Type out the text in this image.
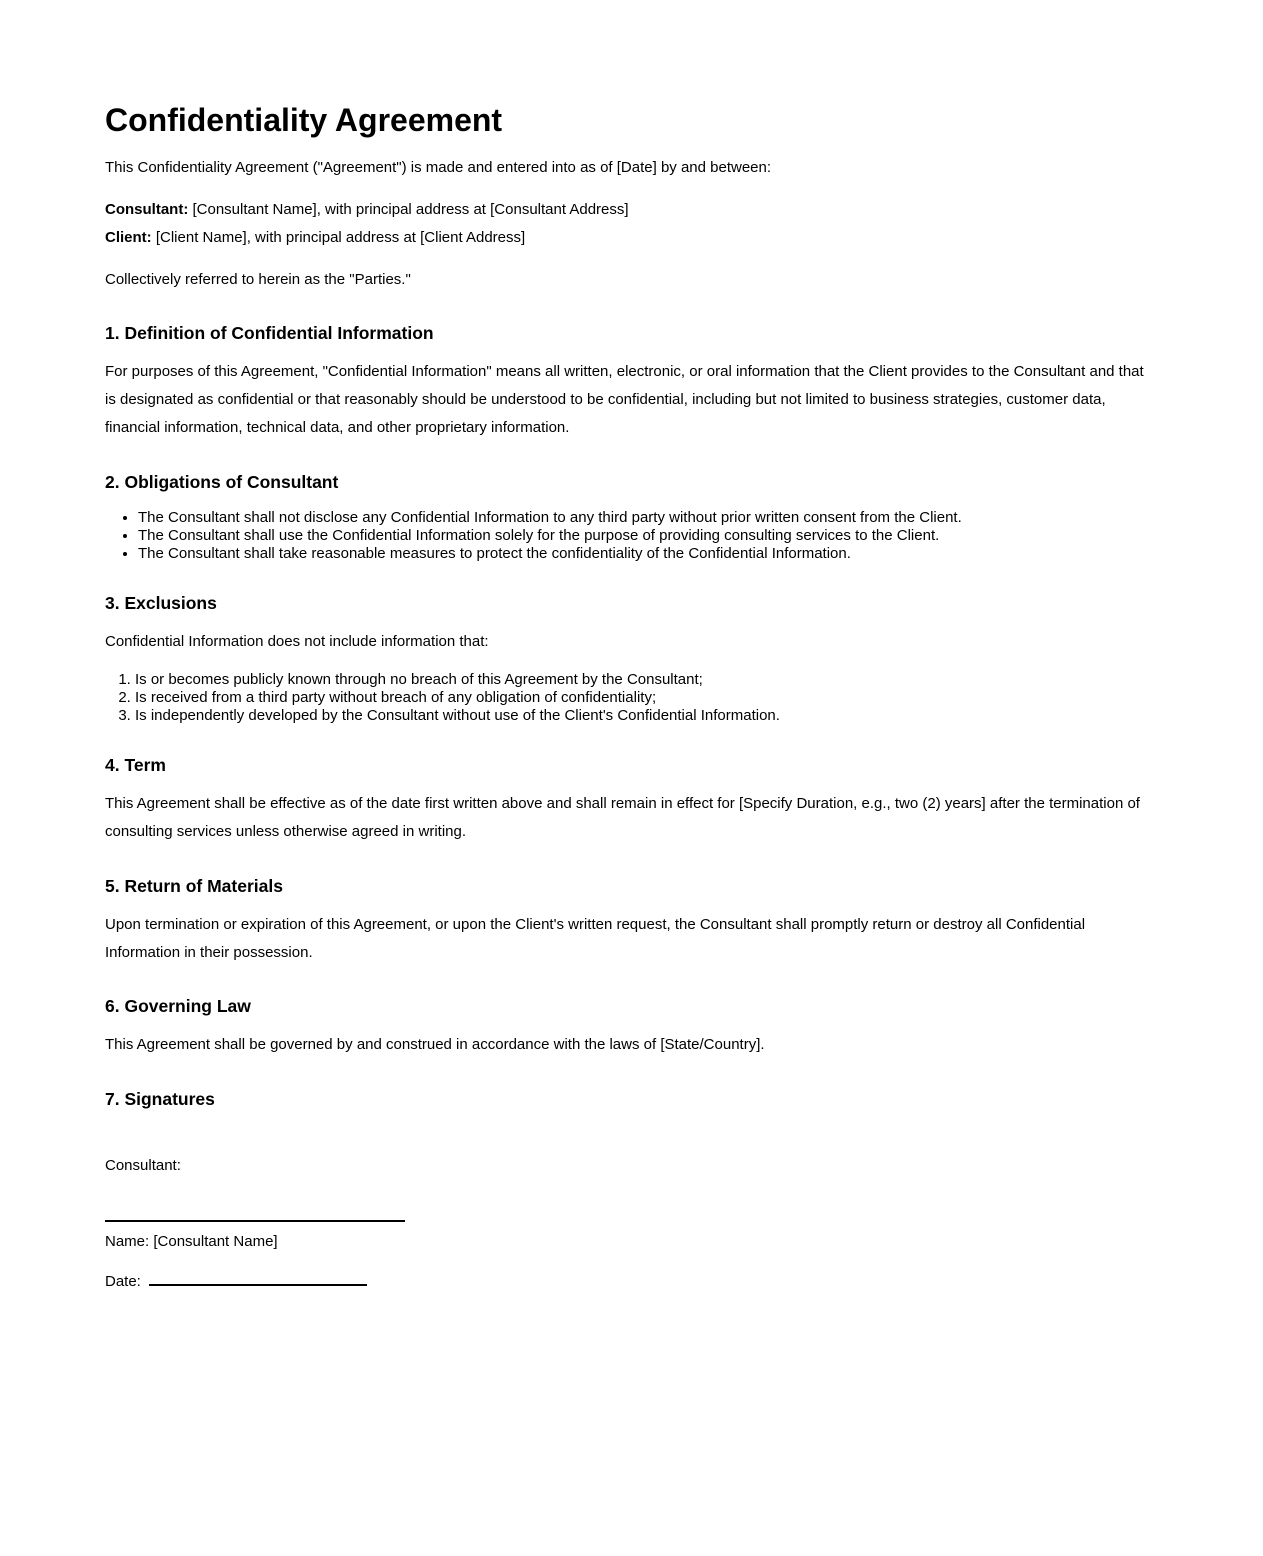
Confidentiality Agreement

This Confidentiality Agreement ("Agreement") is made and entered into as of [Date] by and between:

Consultant: [Consultant Name], with principal address at [Consultant Address]
Client: [Client Name], with principal address at [Client Address]

Collectively referred to herein as the "Parties."

1. Definition of Confidential Information

For purposes of this Agreement, "Confidential Information" means all written, electronic, or oral information that the Client provides to the Consultant and that is designated as confidential or that reasonably should be understood to be confidential, including but not limited to business strategies, customer data, financial information, technical data, and other proprietary information.

2. Obligations of Consultant
• The Consultant shall not disclose any Confidential Information to any third party without prior written consent from the Client.
• The Consultant shall use the Confidential Information solely for the purpose of providing consulting services to the Client.
• The Consultant shall take reasonable measures to protect the confidentiality of the Confidential Information.
3. Exclusions

Confidential Information does not include information that:

1. Is or becomes publicly known through no breach of this Agreement by the Consultant;
2. Is received from a third party without breach of any obligation of confidentiality;
3. Is independently developed by the Consultant without use of the Client's Confidential Information.
4. Term

This Agreement shall be effective as of the date first written above and shall remain in effect for [Specify Duration, e.g., two (2) years] after the termination of consulting services unless otherwise agreed in writing.

5. Return of Materials

Upon termination or expiration of this Agreement, or upon the Client's written request, the Consultant shall promptly return or destroy all Confidential Information in their possession.

6. Governing Law

This Agreement shall be governed by and construed in accordance with the laws of [State/Country].

7. Signatures

Consultant:

Name: [Consultant Name]

Date:
